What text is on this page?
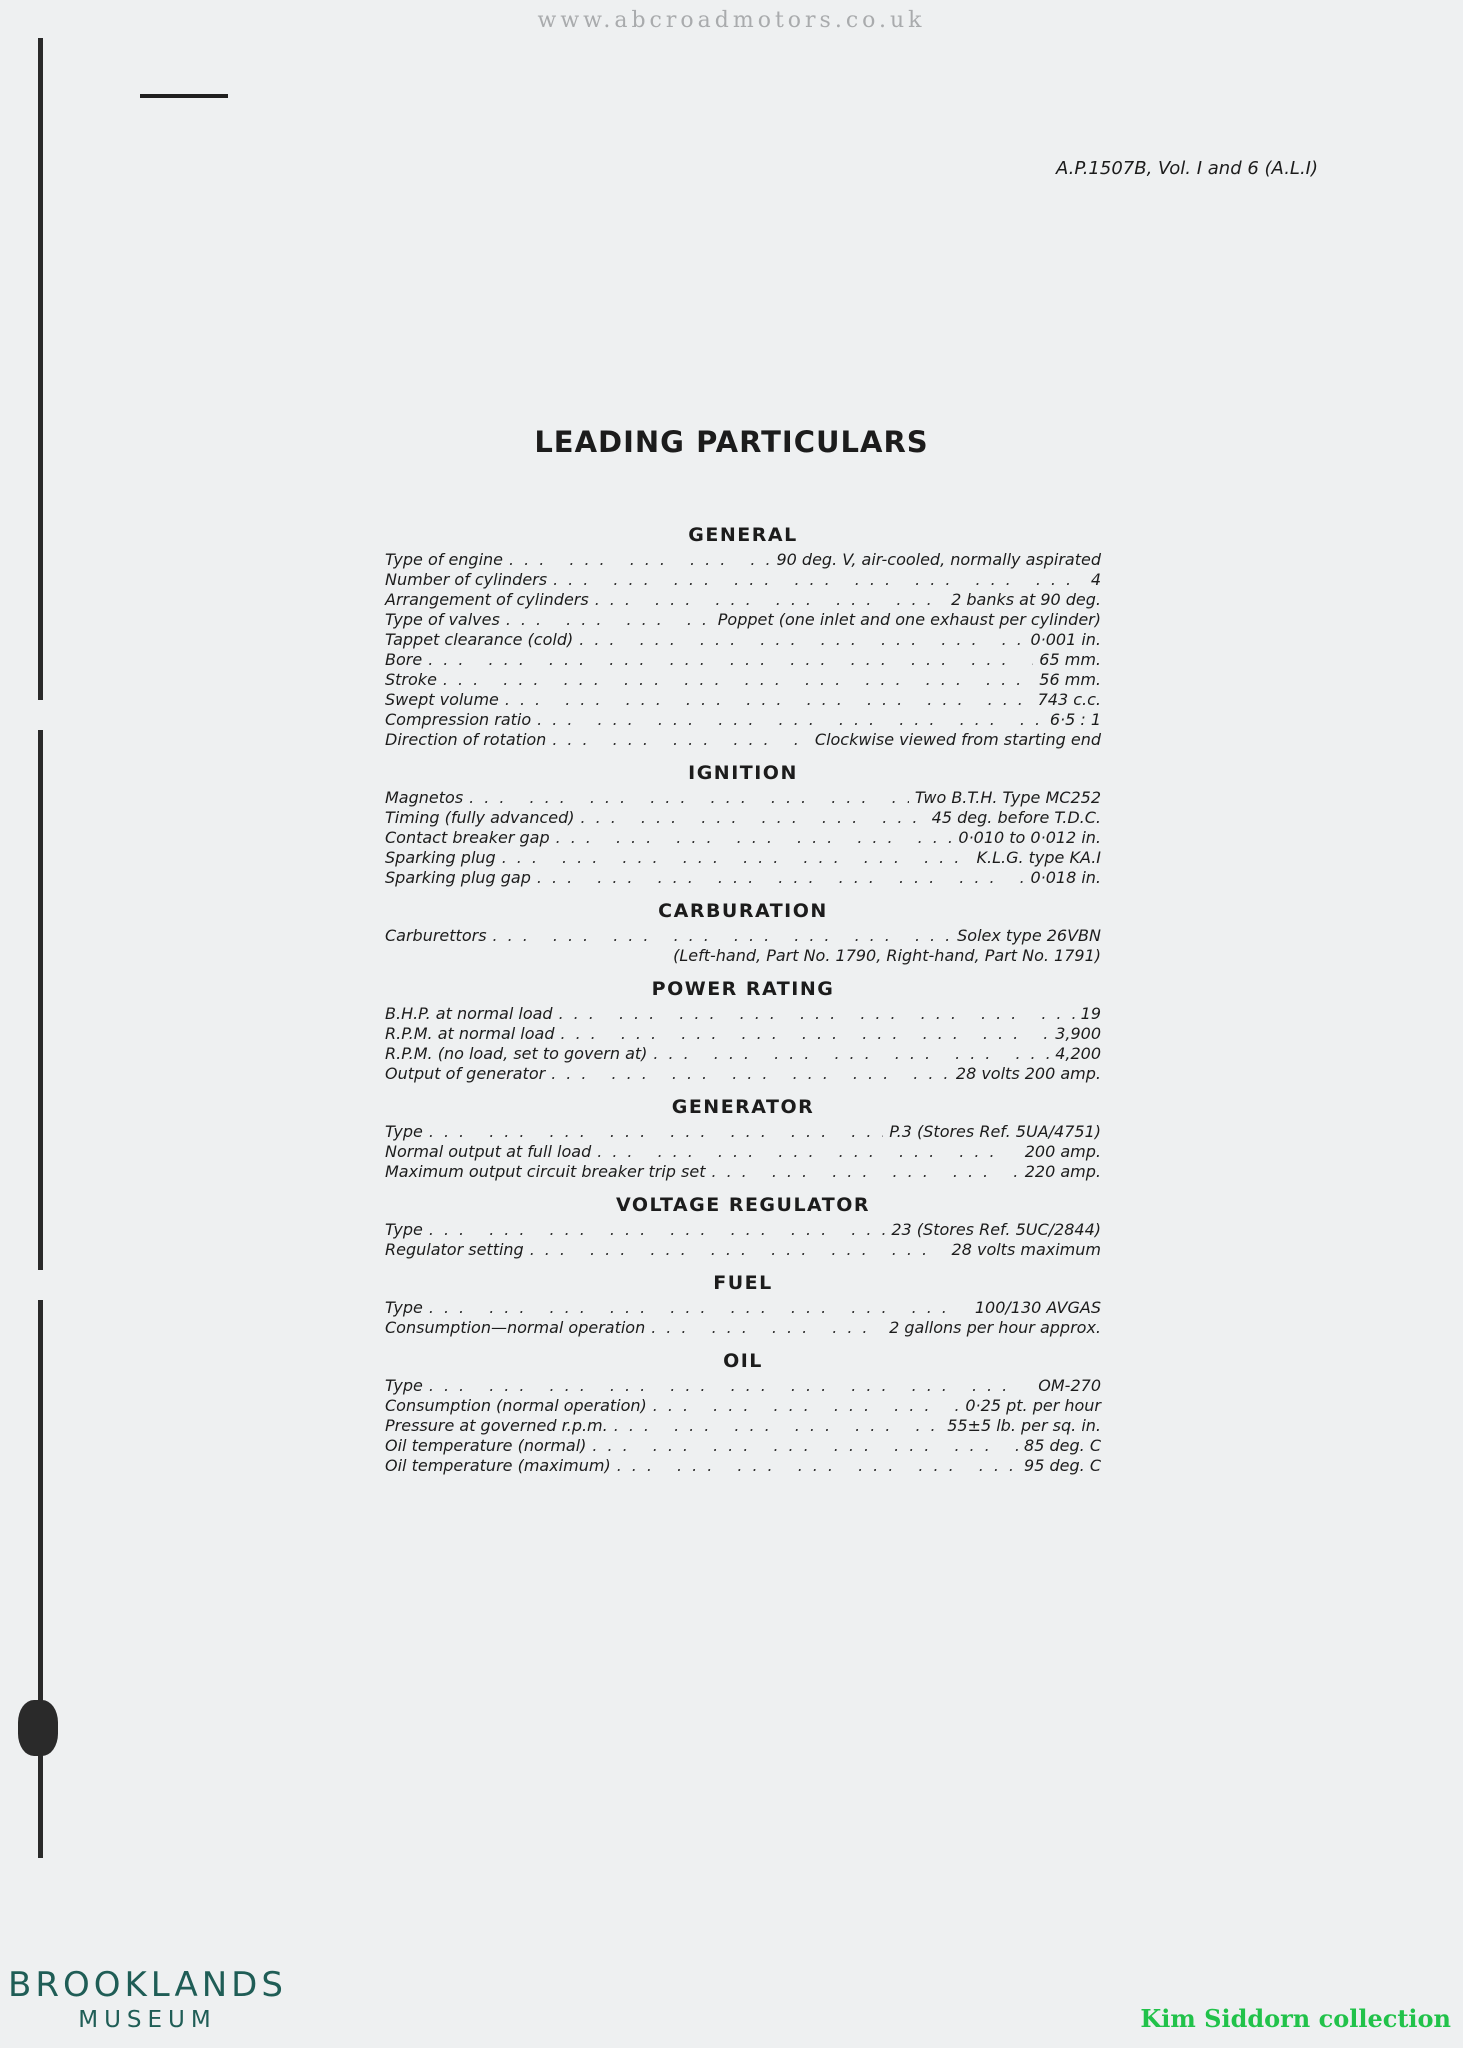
www.abcroadmotors.co.uk
A.P.1507B, Vol. I and 6 (A.L.I)
LEADING PARTICULARS
GENERAL
Type of engine ... .	90 deg. V, air-cooled, normally aspirated
Number of cylinders ... .	4
Arrangement of cylinders ... .	2 banks at 90 deg.
Type of valves ... .	Poppet (one inlet and one exhaust per cylinder)
Tappet clearance (cold) ... .	0·001 in.
Bore ... .	65 mm.
Stroke ... .	56 mm.
Swept volume ... .	743 c.c.
Compression ratio ... .	6·5 : 1
Direction of rotation ... .	Clockwise viewed from starting end
IGNITION
Magnetos ... .	Two B.T.H. Type MC252
Timing (fully advanced) ... .	45 deg. before T.D.C.
Contact breaker gap ... .	0·010 to 0·012 in.
Sparking plug ... .	K.L.G. type KA.I
Sparking plug gap ... .	0·018 in.
CARBURATION
Carburettors ... .	Solex type 26VBN
(Left-hand, Part No. 1790, Right-hand, Part No. 1791)
POWER RATING
B.H.P. at normal load ... .	19
R.P.M. at normal load ... .	3,900
R.P.M. (no load, set to govern at) ... .	4,200
Output of generator ... .	28 volts 200 amp.
GENERATOR
Type ... .	P.3 (Stores Ref. 5UA/4751)
Normal output at full load ... .	200 amp.
Maximum output circuit breaker trip set ... .	220 amp.
VOLTAGE REGULATOR
Type ... .	23 (Stores Ref. 5UC/2844)
Regulator setting ... .	28 volts maximum
FUEL
Type ... .	100/130 AVGAS
Consumption—normal operation ... .	2 gallons per hour approx.
OIL
Type ... .	OM-270
Consumption (normal operation) ... .	0·25 pt. per hour
Pressure at governed r.p.m. ... .	55±5 lb. per sq. in.
Oil temperature (normal) ... .	85 deg. C
Oil temperature (maximum) ... .	95 deg. C
BROOKLANDS
MUSEUM	Kim Siddorn collection
